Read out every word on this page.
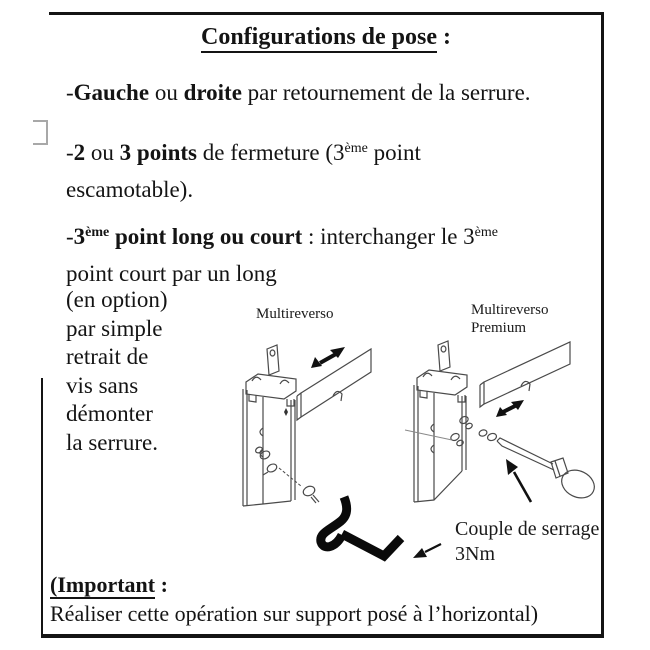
Configurations de pose :
-Gauche ou droite par retournement de la serrure.
-2 ou 3 points de fermeture (3ème point
escamotable).
-3ème point long ou court : interchanger le 3ème
point court par un long
(en option)
par simple
retrait de
vis sans
démonter
la serrure.
Multireverso	Multireverso
Premium
Couple de serrage
3Nm
(Important :
Réaliser cette opération sur support posé à l’horizontal)
